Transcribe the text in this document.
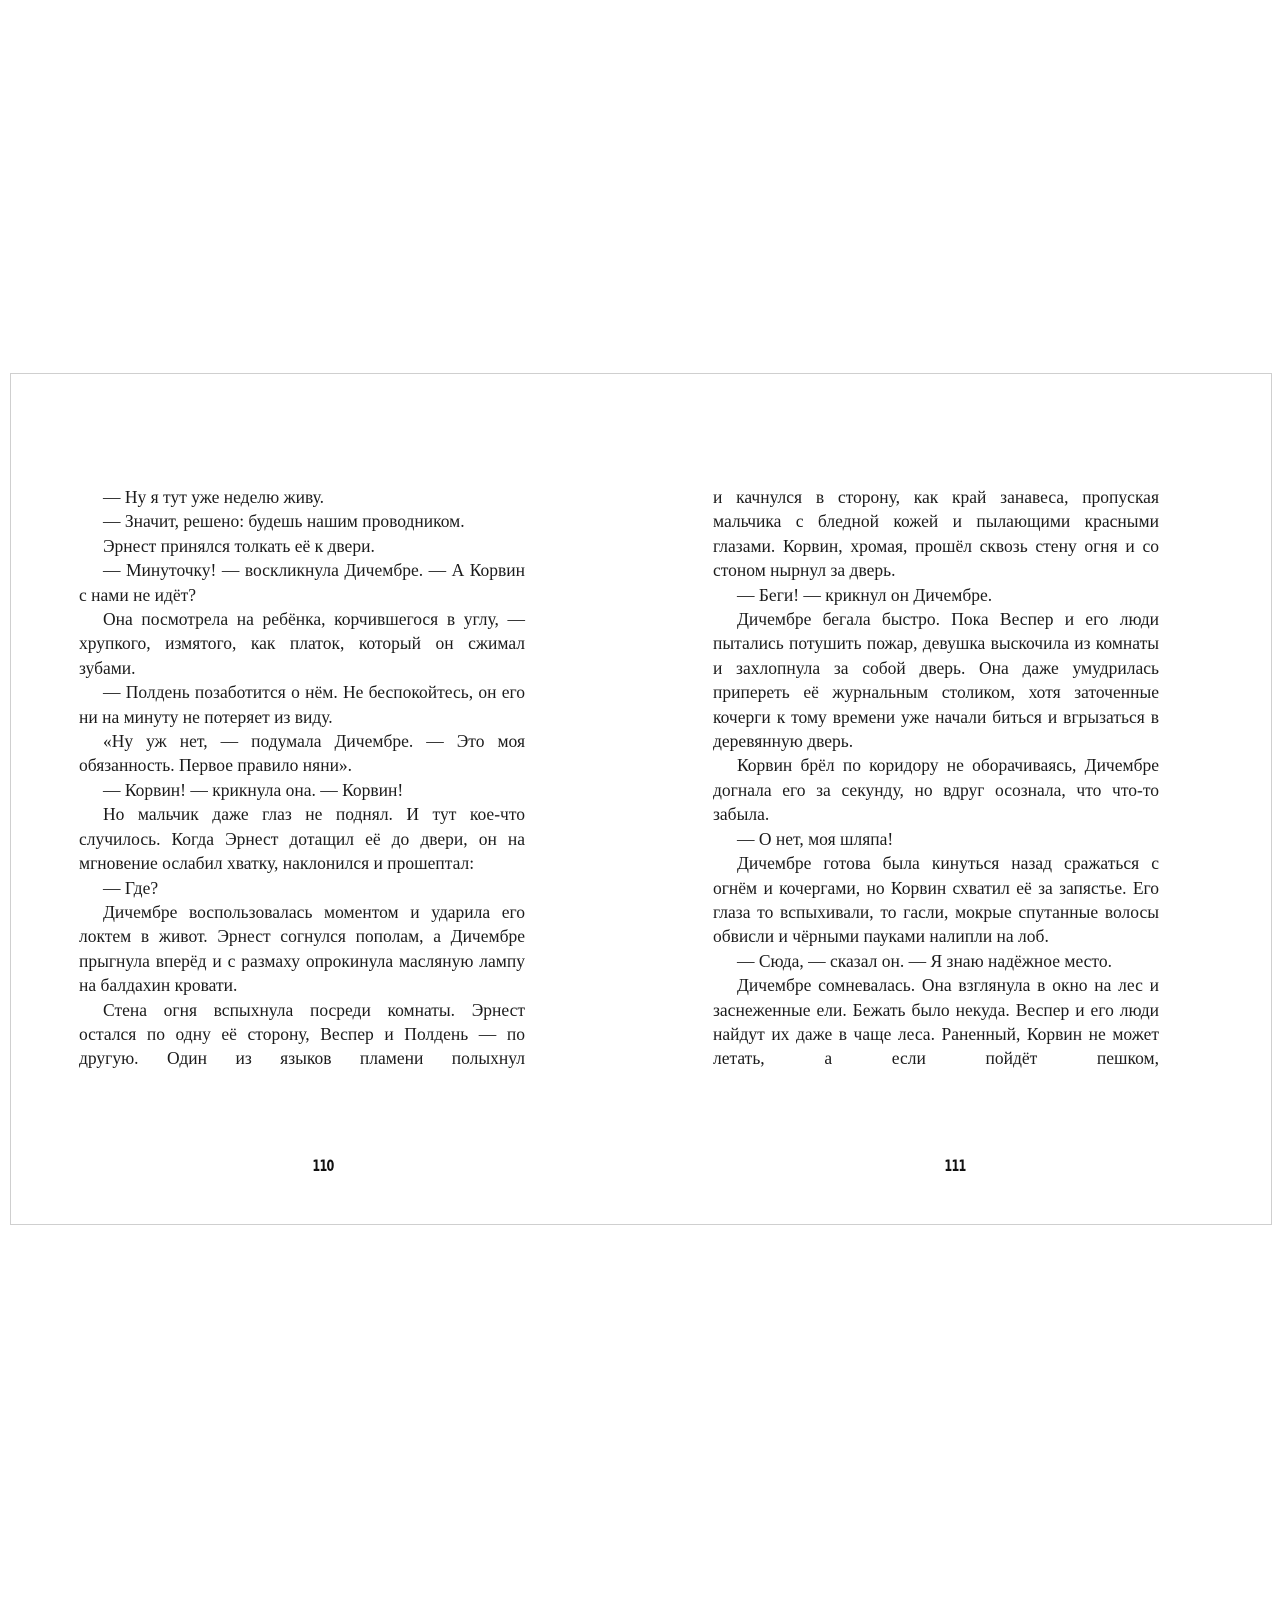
— Ну я тут уже неделю живу.

— Значит, решено: будешь нашим проводником.

Эрнест принялся толкать её к двери.

— Минуточку! — воскликнула Дичембре. — А Корвин с нами не идёт?

Она посмотрела на ребёнка, корчившегося в углу, — хрупкого, измятого, как платок, который он сжимал зубами.

— Полдень позаботится о нём. Не беспокойтесь, он его ни на минуту не потеряет из виду.

«Ну уж нет, — подумала Дичембре. — Это моя обязанность. Первое правило няни».

— Корвин! — крикнула она. — Корвин!

Но мальчик даже глаз не поднял. И тут кое-что случилось. Когда Эрнест дотащил её до двери, он на мгновение ослабил хватку, наклонился и прошептал:

— Где?

Дичембре воспользовалась моментом и ударила его локтем в живот. Эрнест согнулся пополам, а Дичембре прыгнула вперёд и с размаху опрокинула масляную лампу на балдахин кровати.

Стена огня вспыхнула посреди комнаты. Эрнест остался по одну её сторону, Веспер и Полдень — по другую. Один из языков пламени полыхнул

и качнулся в сторону, как край занавеса, пропуская мальчика с бледной кожей и пылающими красными глазами. Корвин, хромая, прошёл сквозь стену огня и со стоном нырнул за дверь.

— Беги! — крикнул он Дичембре.

Дичембре бегала быстро. Пока Веспер и его люди пытались потушить пожар, девушка выскочила из комнаты и захлопнула за собой дверь. Она даже умудрилась припереть её журнальным столиком, хотя заточенные кочерги к тому времени уже начали биться и вгрызаться в деревянную дверь.

Корвин брёл по коридору не оборачиваясь, Дичембре догнала его за секунду, но вдруг осознала, что что-то забыла.

— О нет, моя шляпа!

Дичембре готова была кинуться назад сражаться с огнём и кочергами, но Корвин схватил её за запястье. Его глаза то вспыхивали, то гасли, мокрые спутанные волосы обвисли и чёрными пауками налипли на лоб.

— Сюда, — сказал он. — Я знаю надёжное место.

Дичембре сомневалась. Она взглянула в окно на лес и заснеженные ели. Бежать было некуда. Веспер и его люди найдут их даже в чаще леса. Раненный, Корвин не может летать, а если пойдёт пешком,

110	111
